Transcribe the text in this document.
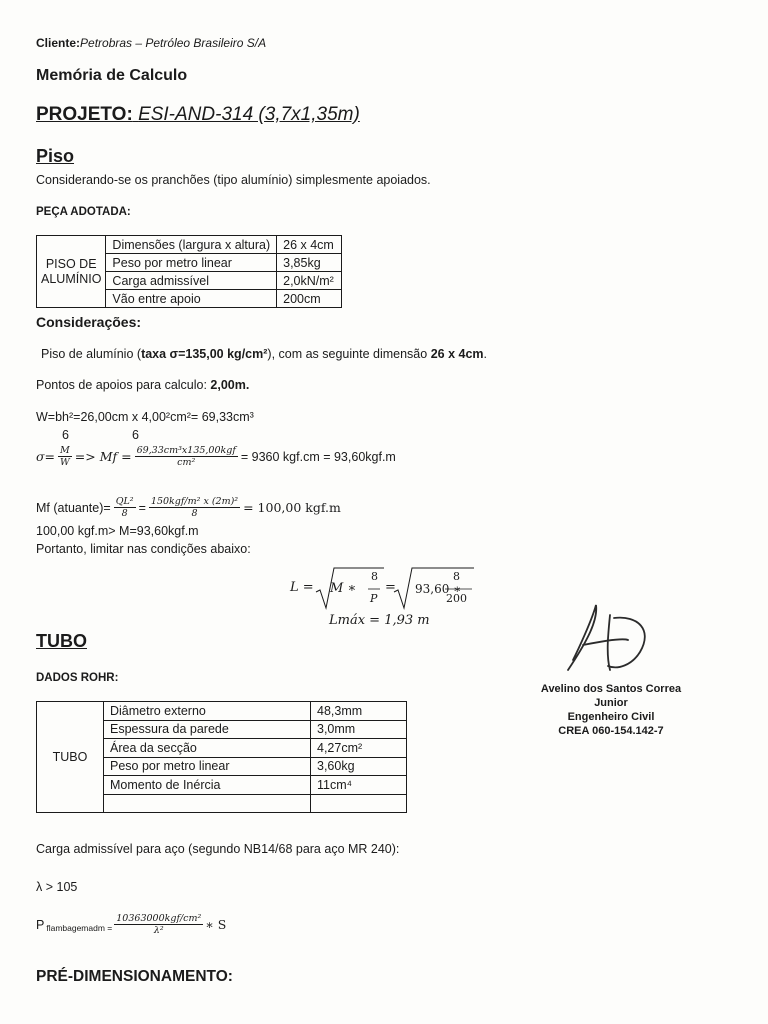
Cliente:Petrobras – Petróleo Brasileiro S/A
Memória de Calculo
PROJETO: ESI-AND-314 (3,7x1,35m)
Piso
Considerando-se os pranchões (tipo alumínio) simplesmente apoiados.
PEÇA ADOTADA:
PISO DE ALUMÍNIO	Dimensões (largura x altura)	26 x 4cm
	Peso por metro linear	3,85kg
	Carga admissível	2,0kN/m²
	Vão entre apoio	200cm
Considerações:
Piso de alumínio (taxa σ=135,00 kg/cm²), com as seguinte dimensão 26 x 4cm.
Pontos de apoios para calculo: 2,00m.
W=bh²=26,00cm x 4,00²cm²= 69,33cm³
6	6
$\sigma= \frac{M}{W} => Mf = \frac{\text{69,33cm³x135,00kgf}}{\text{cm²}} = 9360$ kgf.cm = 93,60kgf.m
Mf (atuante)= $\frac{\text{QL²}}{8} = \frac{\text{150kgf/m² x (2m)²}}{8} = 100,00$ kgf.m
100,00 kgf.m> M=93,60kgf.m
Portanto, limitar nas condições abaixo:
L = M ∗
8
P
= 93,60 ∗
8
200
Lmáx = 1,93 m
Avelino dos Santos Correa Junior
Engenheiro Civil
CREA 060-154.142-7
TUBO
DADOS ROHR:
TUBO	Diâmetro externo	48,3mm
	Espessura da parede	3,0mm
	Área da secção	4,27cm²
	Peso por metro linear	3,60kg
	Momento de Inércia	11cm⁴

Carga admissível para aço (segundo NB14/68 para aço MR 240):
λ > 105
P flambagemadm = $\frac{\text{10363000kgf/cm²}}{\text{λ²}}$ ∗ S
PRÉ-DIMENSIONAMENTO:
